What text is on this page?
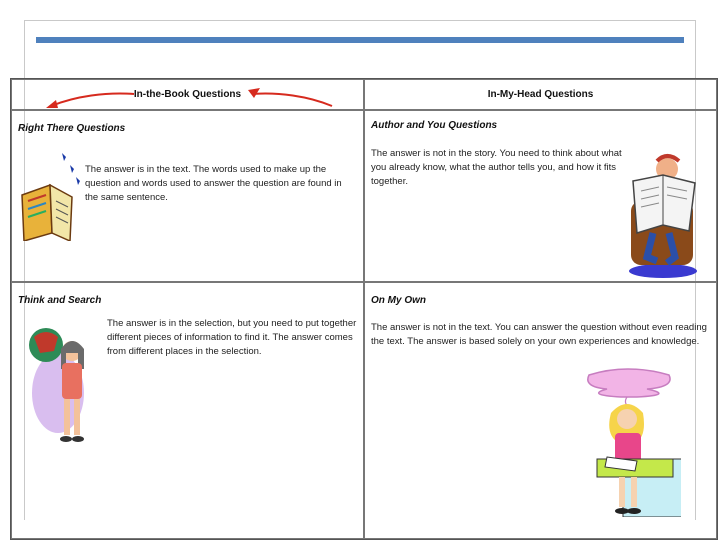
In-the-Book Questions	In-My-Head Questions
Right There Questions
The answer is in the text. The words used to make up the question and words used to answer the question are found in the same sentence.
Author and You Questions
The answer is not in the story. You need to think about what you already know, what the author tells you, and how it fits together.
Think and Search
The answer is in the selection, but you need to put together different pieces of information to find it. The answer comes from different places in the selection.
On My Own
The answer is not in the text. You can answer the question without even reading the text. The answer is based solely on your own experiences and knowledge.
